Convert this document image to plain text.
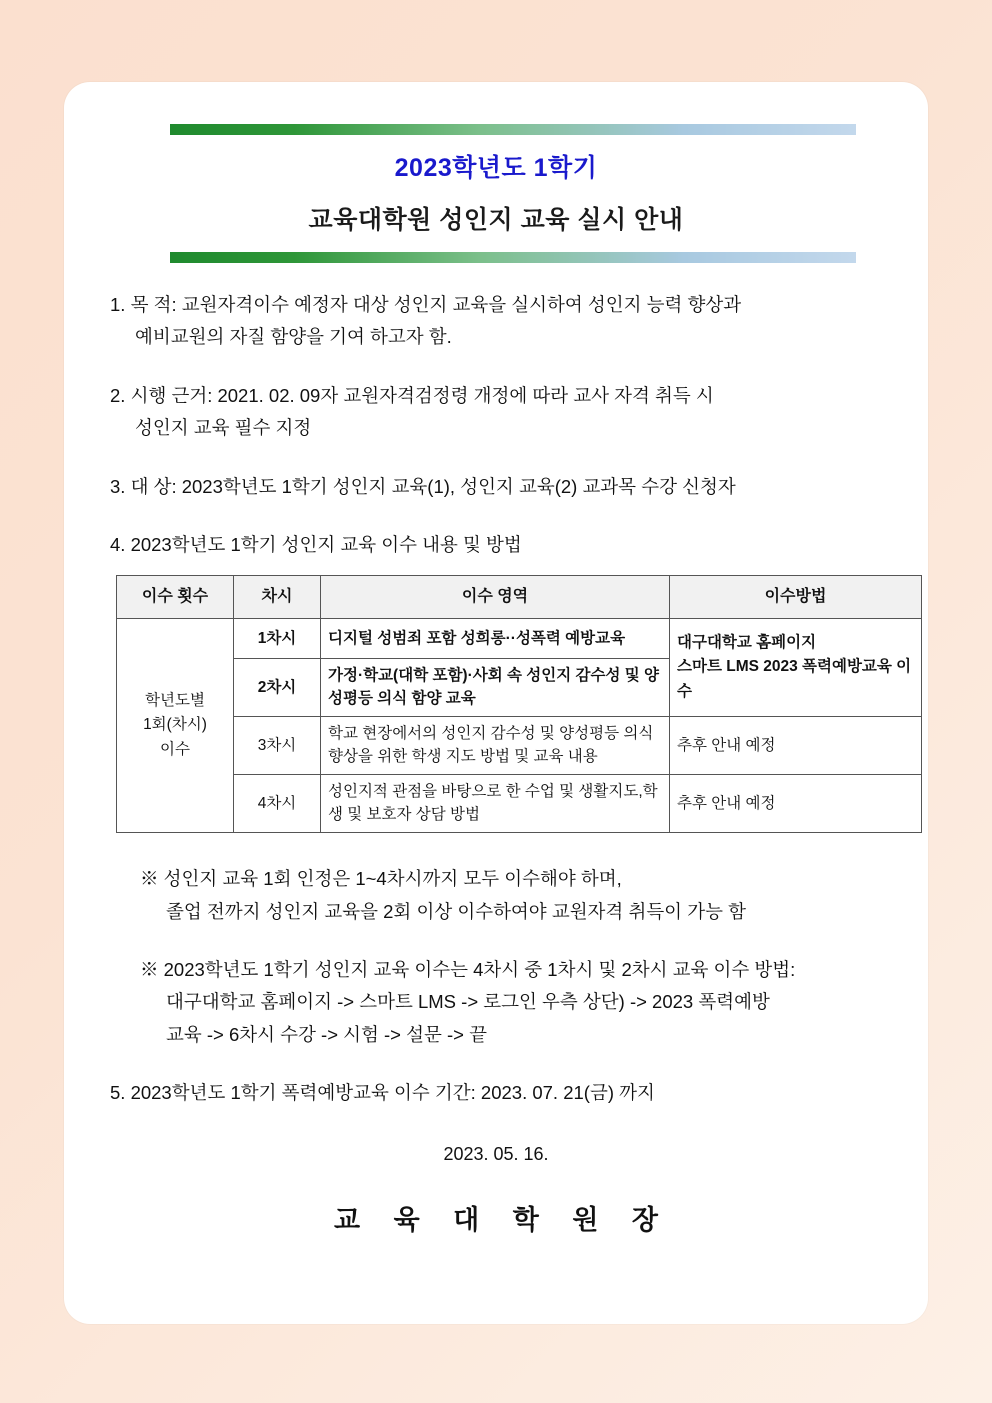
2023학년도 1학기
교육대학원 성인지 교육 실시 안내

1. 목 적: 교원자격이수 예정자 대상 성인지 교육을 실시하여 성인지 능력 향상과

예비교원의 자질 함양을 기여 하고자 함.

2. 시행 근거: 2021. 02. 09자 교원자격검정령 개정에 따라 교사 자격 취득 시

성인지 교육 필수 지정

3. 대 상: 2023학년도 1학기 성인지 교육(1), 성인지 교육(2) 교과목 수강 신청자

4. 2023학년도 1학기 성인지 교육 이수 내용 및 방법

이수 횟수	차시	이수 영역	이수방법

학년도별
1회(차시)
이수
	1차시	디지털 성범죄 포함 성희롱··성폭력 예방교육	대구대학교 홈페이지
스마트 LMS 2023 폭력예방교육 이수

	2차시	가정·학교(대학 포함)·사회 속 성인지 감수성 및 양성평등 의식 함양 교육	
	3차시	학교 현장에서의 성인지 감수성 및 양성평등 의식 향상을 위한 학생 지도 방법 및 교육 내용	추후 안내 예정
	4차시	성인지적 관점을 바탕으로 한 수업 및 생활지도,학생 및 보호자 상담 방법	추후 안내 예정

※ 성인지 교육 1회 인정은 1~4차시까지 모두 이수해야 하며,

졸업 전까지 성인지 교육을 2회 이상 이수하여야 교원자격 취득이 가능 함

※ 2023학년도 1학기 성인지 교육 이수는 4차시 중 1차시 및 2차시 교육 이수 방법:

대구대학교 홈페이지 -> 스마트 LMS -> 로그인 우측 상단) -> 2023 폭력예방

교육 -> 6차시 수강 -> 시험 -> 설문 -> 끝

5. 2023학년도 1학기 폭력예방교육 이수 기간: 2023. 07. 21(금) 까지

2023. 05. 16.
교 육 대 학 원 장
